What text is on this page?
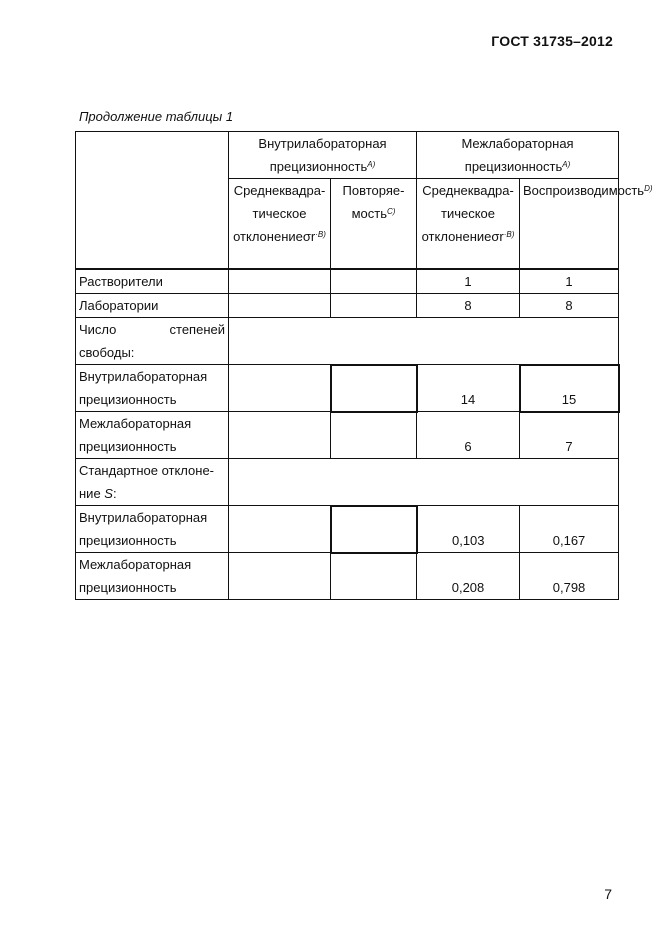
ГОСТ 31735–2012
Продолжение таблицы 1
	Внутрилабораторная прецизионность$^{A)}$		Межлабораторная прецизионность$^{A)}$
	Среднеквадра-тическое отклонениеσr$^{\cdot B)}$	Повторяе-мость$^{C)}$	Среднеквадра-тическое отклонениеσr$^{\cdot B)}$	Воспроизводимость$^{D)}$
Растворители			1	1
Лаборатории			8	8
Число степеней свободы:				
Внутрилабораторная прецизионность			14	15
Межлабораторная прецизионность			6	7
Стандартное отклоне-ние S:				
Внутрилабораторная прецизионность			0,103	0,167
Межлабораторная прецизионность			0,208	0,798
7
